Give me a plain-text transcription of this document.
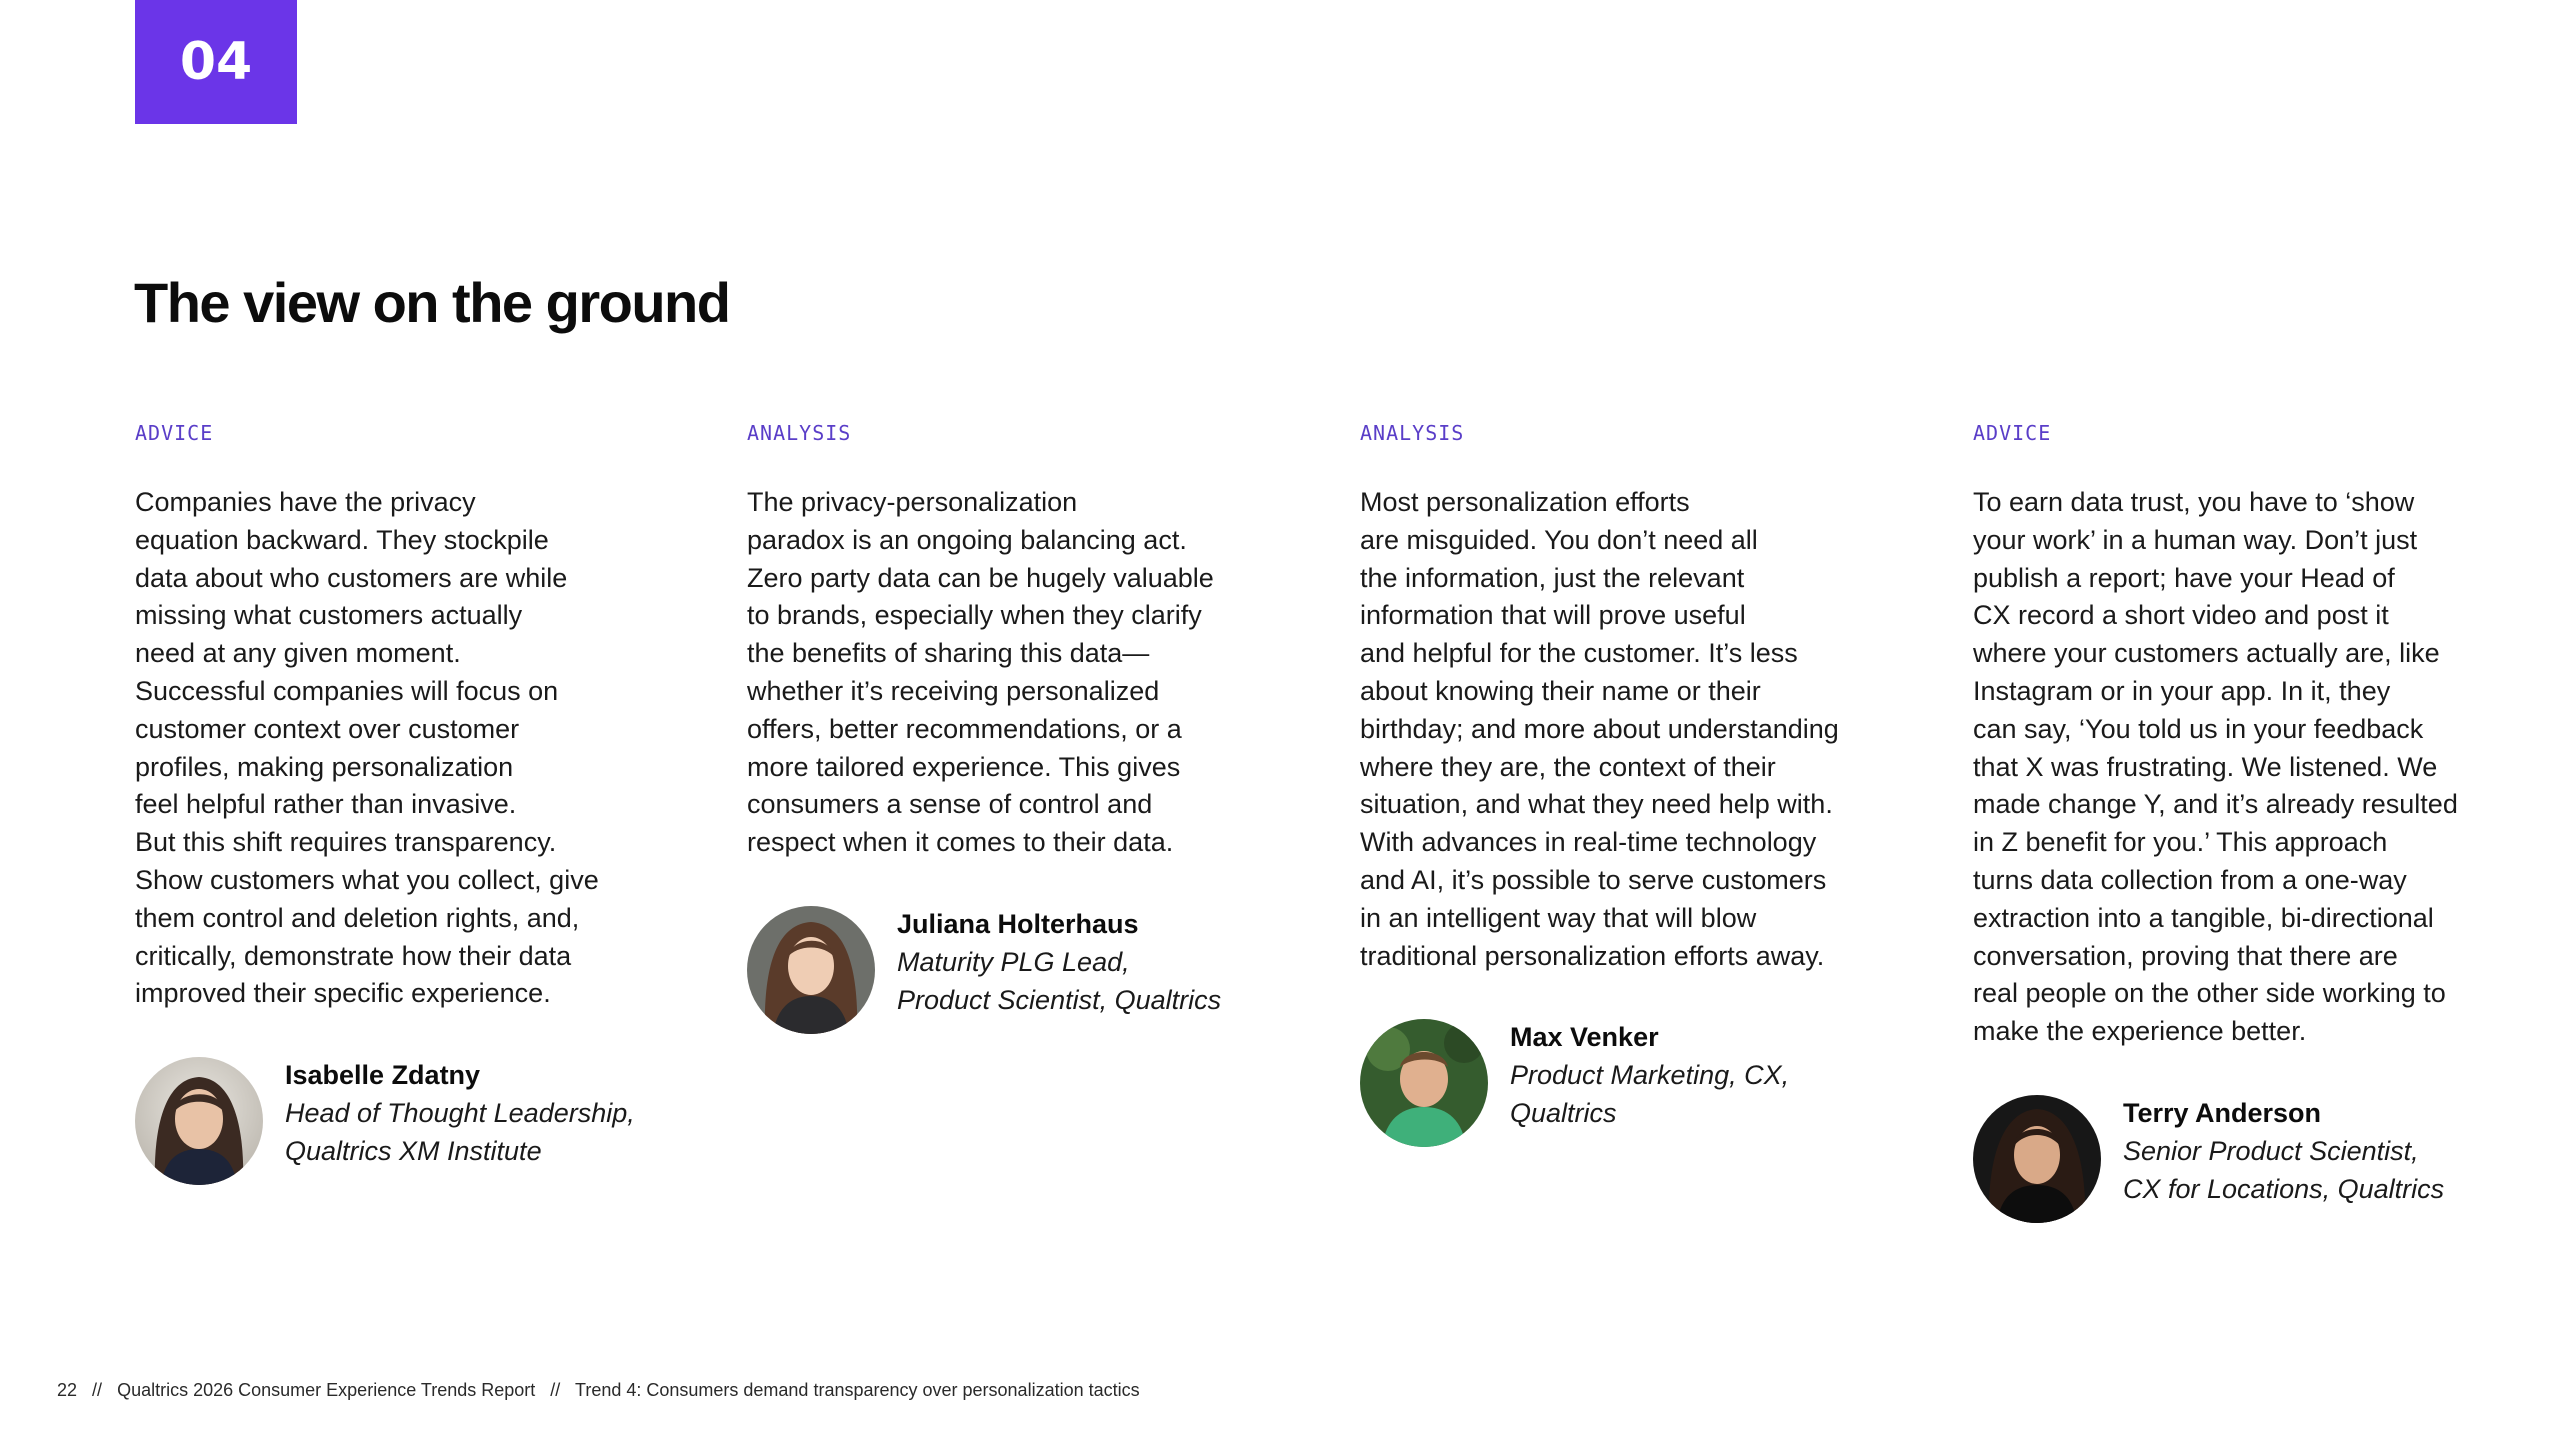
04
The view on the ground
ADVICE

Companies have the privacy
equation backward. They stockpile
data about who customers are while
missing what customers actually
need at any given moment.
Successful companies will focus on
customer context over customer
profiles, making personalization
feel helpful rather than invasive.
But this shift requires transparency.
Show customers what you collect, give
them control and deletion rights, and,
critically, demonstrate how their data
improved their specific experience.

Isabelle Zdatny
Head of Thought Leadership,
Qualtrics XM Institute
ANALYSIS

The privacy-personalization
paradox is an ongoing balancing act.
Zero party data can be hugely valuable
to brands, especially when they clarify
the benefits of sharing this data—
whether it’s receiving personalized
offers, better recommendations, or a
more tailored experience. This gives
consumers a sense of control and
respect when it comes to their data.

Juliana Holterhaus
Maturity PLG Lead,
Product Scientist, Qualtrics
ANALYSIS

Most personalization efforts
are misguided. You don’t need all
the information, just the relevant
information that will prove useful
and helpful for the customer. It’s less
about knowing their name or their
birthday; and more about understanding
where they are, the context of their
situation, and what they need help with.
With advances in real-time technology
and AI, it’s possible to serve customers
in an intelligent way that will blow
traditional personalization efforts away.

Max Venker
Product Marketing, CX,
Qualtrics
ADVICE

To earn data trust, you have to ‘show
your work’ in a human way. Don’t just
publish a report; have your Head of
CX record a short video and post it
where your customers actually are, like
Instagram or in your app. In it, they
can say, ‘You told us in your feedback
that X was frustrating. We listened. We
made change Y, and it’s already resulted
in Z benefit for you.’ This approach
turns data collection from a one-way
extraction into a tangible, bi-directional
conversation, proving that there are
real people on the other side working to
make the experience better.

Terry Anderson
Senior Product Scientist,
CX for Locations, Qualtrics
22 // Qualtrics 2026 Consumer Experience Trends Report // Trend 4: Consumers demand transparency over personalization tactics
